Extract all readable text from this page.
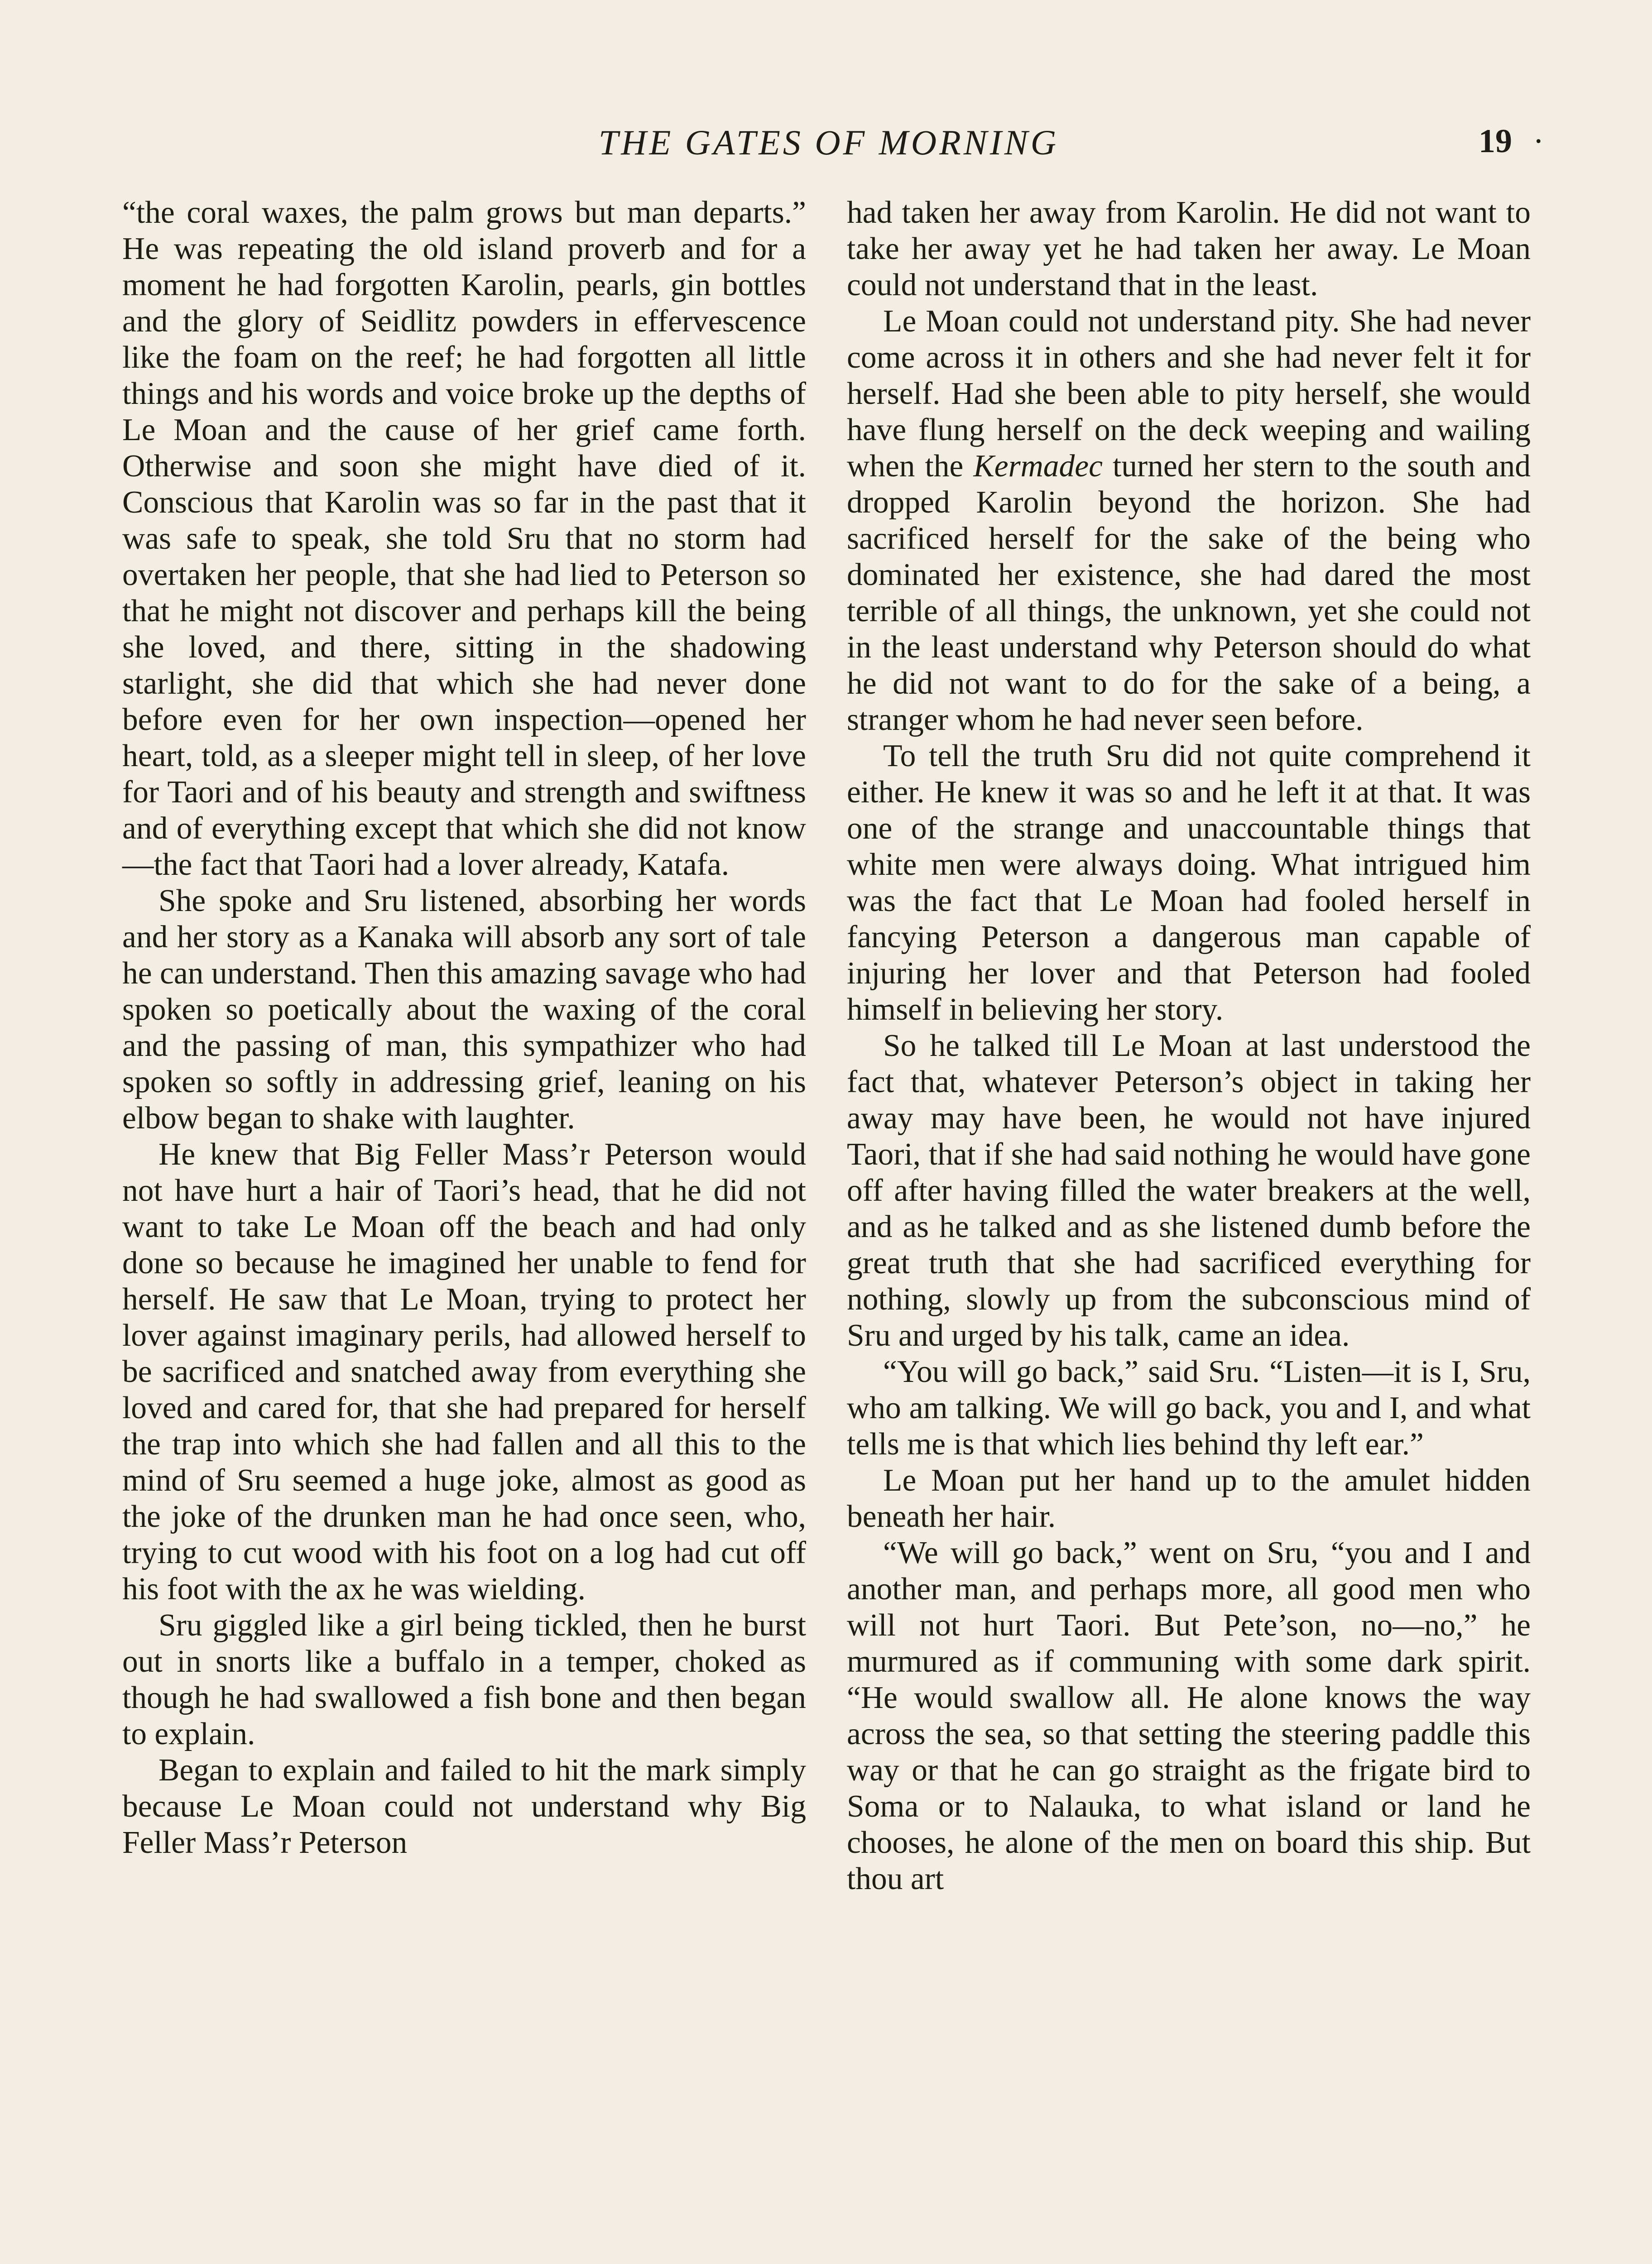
THE GATES OF MORNING	19 ·

“the coral waxes, the palm grows but man departs.” He was repeating the old island proverb and for a moment he had forgotten Karolin, pearls, gin bottles and the glory of Seidlitz powders in effervescence like the foam on the reef; he had forgotten all little things and his words and voice broke up the depths of Le Moan and the cause of her grief came forth. Otherwise and soon she might have died of it. Conscious that Karolin was so far in the past that it was safe to speak, she told Sru that no storm had overtaken her people, that she had lied to Peterson so that he might not discover and perhaps kill the being she loved, and there, sitting in the shadowing starlight, she did that which she had never done before even for her own inspection—opened her heart, told, as a sleeper might tell in sleep, of her love for Taori and of his beauty and strength and swiftness and of everything except that which she did not know—the fact that Taori had a lover already, Katafa.

She spoke and Sru listened, absorbing her words and her story as a Kanaka will absorb any sort of tale he can understand. Then this amazing savage who had spoken so poetically about the waxing of the coral and the passing of man, this sympathizer who had spoken so softly in addressing grief, leaning on his elbow began to shake with laughter.

He knew that Big Feller Mass’r Peterson would not have hurt a hair of Taori’s head, that he did not want to take Le Moan off the beach and had only done so because he imagined her unable to fend for herself. He saw that Le Moan, trying to protect her lover against imaginary perils, had allowed herself to be sacrificed and snatched away from everything she loved and cared for, that she had prepared for herself the trap into which she had fallen and all this to the mind of Sru seemed a huge joke, almost as good as the joke of the drunken man he had once seen, who, trying to cut wood with his foot on a log had cut off his foot with the ax he was wielding.

Sru giggled like a girl being tickled, then he burst out in snorts like a buffalo in a temper, choked as though he had swallowed a fish bone and then began to explain.

Began to explain and failed to hit the mark simply because Le Moan could not understand why Big Feller Mass’r Peterson

had taken her away from Karolin. He did not want to take her away yet he had taken her away. Le Moan could not understand that in the least.

Le Moan could not understand pity. She had never come across it in others and she had never felt it for herself. Had she been able to pity herself, she would have flung herself on the deck weeping and wailing when the Kermadec turned her stern to the south and dropped Karolin beyond the horizon. She had sacrificed herself for the sake of the being who dominated her existence, she had dared the most terrible of all things, the unknown, yet she could not in the least understand why Peterson should do what he did not want to do for the sake of a being, a stranger whom he had never seen before.

To tell the truth Sru did not quite comprehend it either. He knew it was so and he left it at that. It was one of the strange and unaccountable things that white men were always doing. What intrigued him was the fact that Le Moan had fooled herself in fancying Peterson a dangerous man capable of injuring her lover and that Peterson had fooled himself in believing her story.

So he talked till Le Moan at last understood the fact that, whatever Peterson’s object in taking her away may have been, he would not have injured Taori, that if she had said nothing he would have gone off after having filled the water breakers at the well, and as he talked and as she listened dumb before the great truth that she had sacrificed everything for nothing, slowly up from the subconscious mind of Sru and urged by his talk, came an idea.

“You will go back,” said Sru. “Listen—it is I, Sru, who am talking. We will go back, you and I, and what tells me is that which lies behind thy left ear.”

Le Moan put her hand up to the amulet hidden beneath her hair.

“We will go back,” went on Sru, “you and I and another man, and perhaps more, all good men who will not hurt Taori. But Pete’son, no—no,” he murmured as if communing with some dark spirit. “He would swallow all. He alone knows the way across the sea, so that setting the steering paddle this way or that he can go straight as the frigate bird to Soma or to Nalauka, to what island or land he chooses, he alone of the men on board this ship. But thou art
